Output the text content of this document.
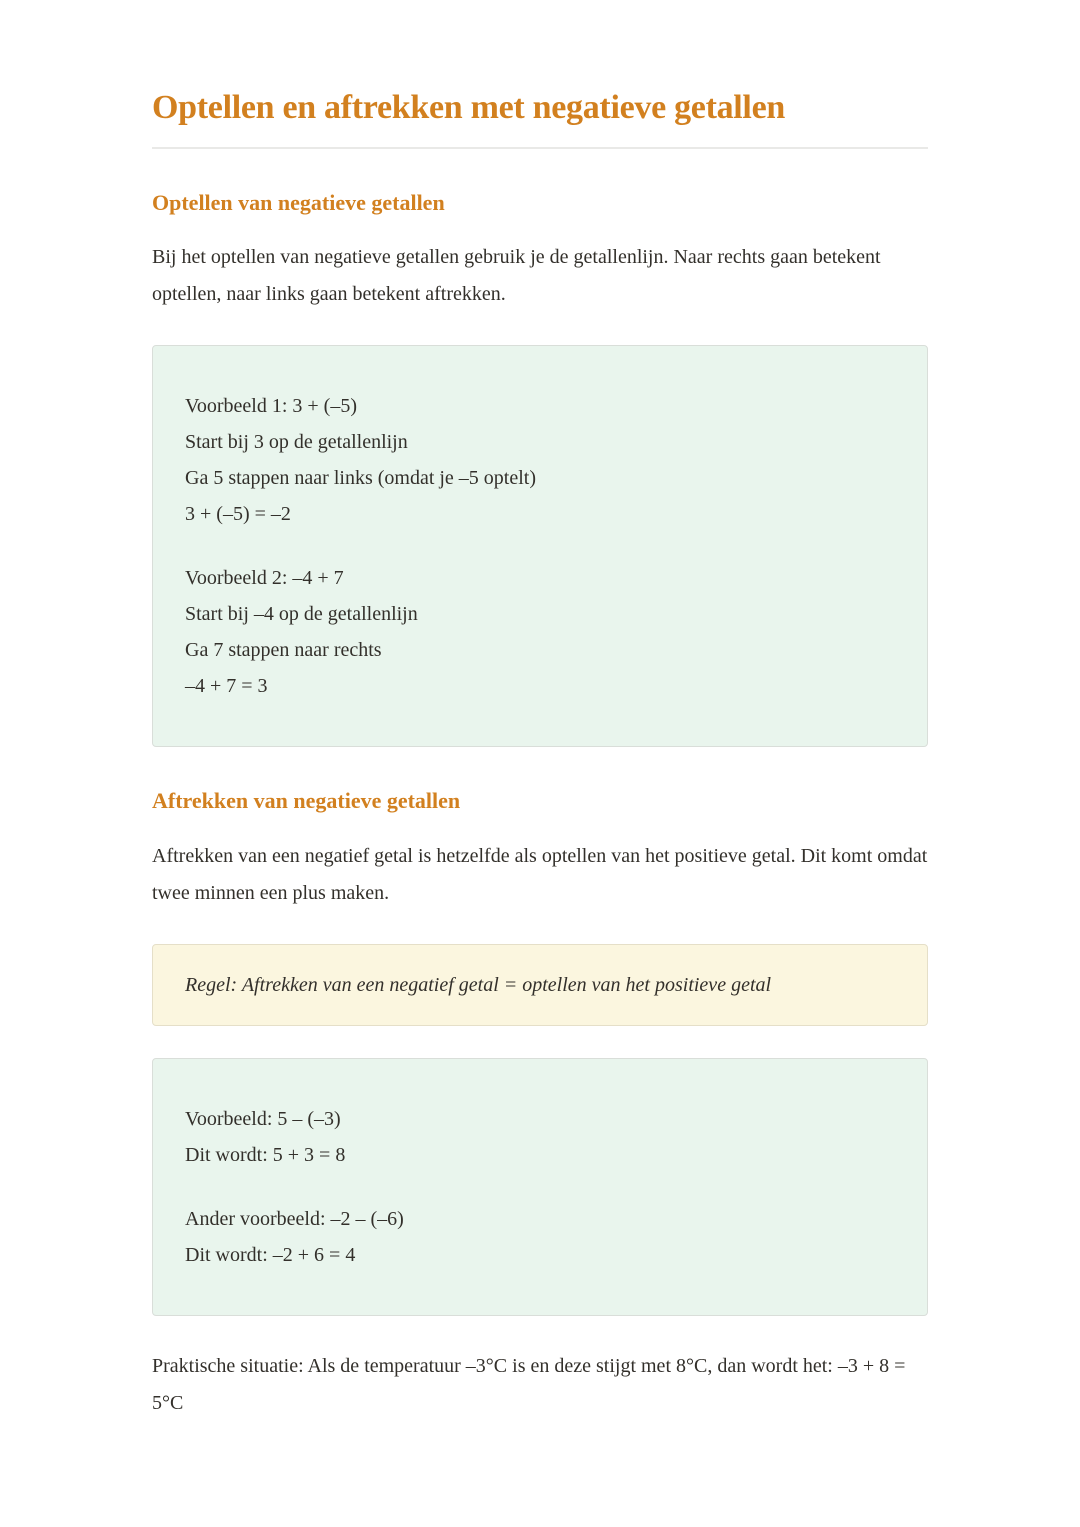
Optellen en aftrekken met negatieve getallen
Optellen van negatieve getallen

Bij het optellen van negatieve getallen gebruik je de getallenlijn. Naar rechts gaan betekent optellen, naar links gaan betekent aftrekken.

Voorbeeld 1: 3 + (–5)
Start bij 3 op de getallenlijn
Ga 5 stappen naar links (omdat je –5 optelt)
3 + (–5) = –2
Voorbeeld 2: –4 + 7
Start bij –4 op de getallenlijn
Ga 7 stappen naar rechts
–4 + 7 = 3
Aftrekken van negatieve getallen

Aftrekken van een negatief getal is hetzelfde als optellen van het positieve getal. Dit komt omdat twee minnen een plus maken.

Regel: Aftrekken van een negatief getal = optellen van het positieve getal
Voorbeeld: 5 – (–3)
Dit wordt: 5 + 3 = 8
Ander voorbeeld: –2 – (–6)
Dit wordt: –2 + 6 = 4

Praktische situatie: Als de temperatuur –3°C is en deze stijgt met 8°C, dan wordt het: –3 + 8 = 5°C
